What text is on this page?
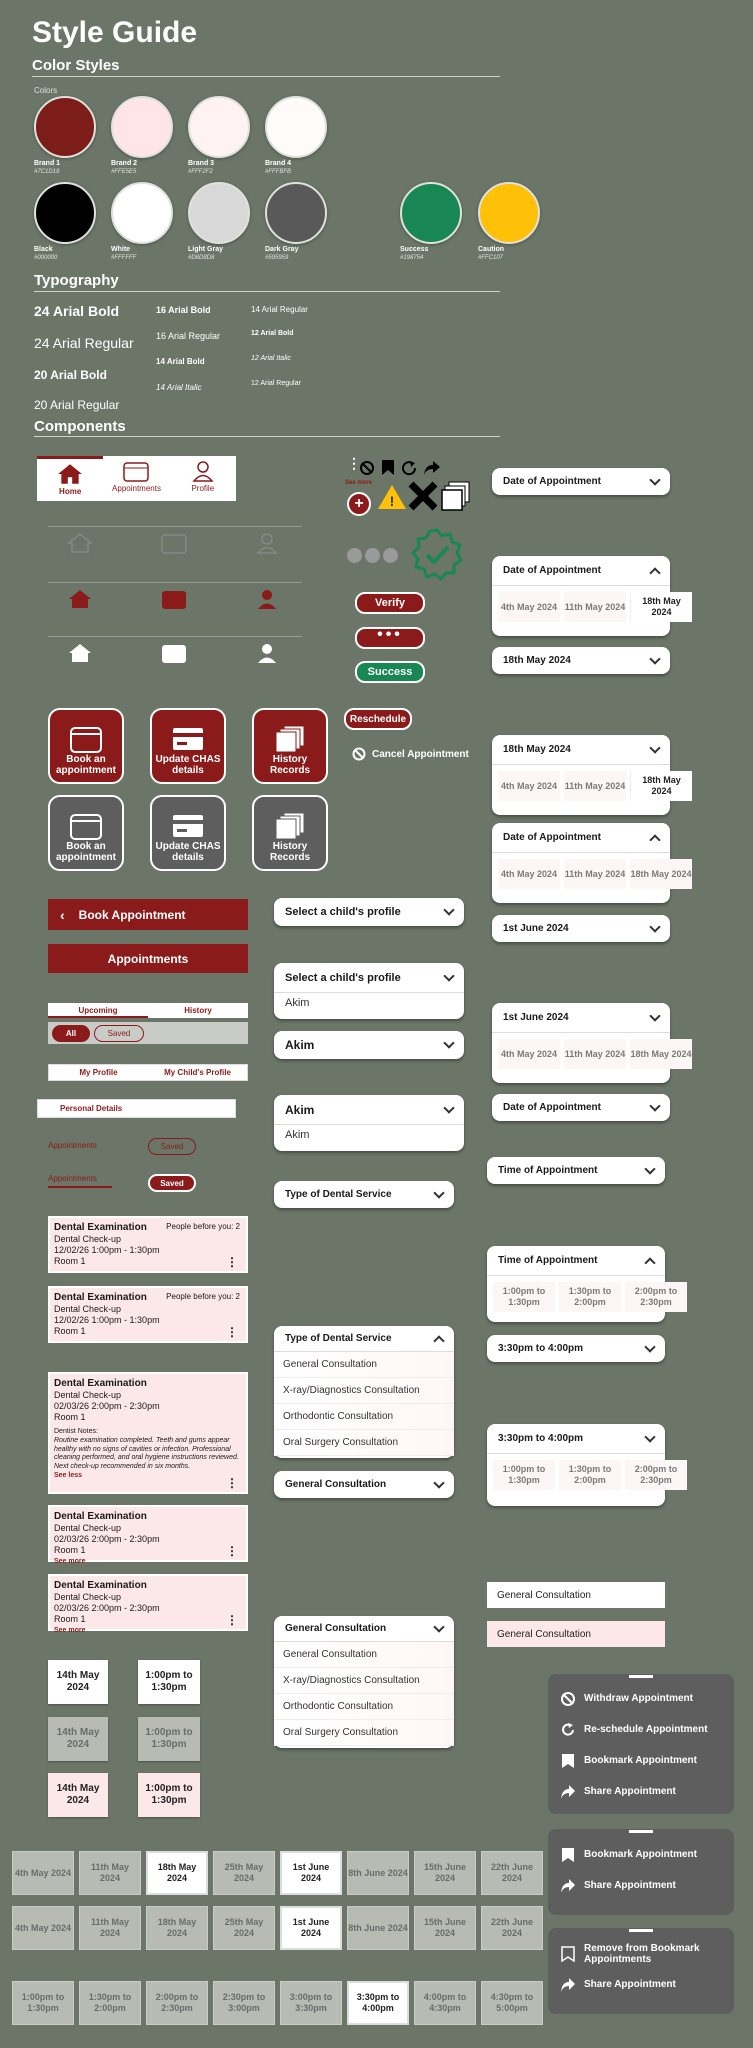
Style Guide
Color Styles
Colors
Brand 1
#7C1D19
Brand 2
#FFE5E5
Brand 3
#FFF2F2
Brand 4
#FFFBFB
Black
#000000
White
#FFFFFF
Light Gray
#D8D8D8
Dark Gray
#595959
Success
#198754
Caution
#FFC107
Typography
24 Arial Bold
24 Arial Regular
20 Arial Bold
20 Arial Regular
16 Arial Bold
16 Arial Regular
14 Arial Bold
14 Arial Italic
14 Arial Regular
12 Arial Bold
12 Arial Italic
12 Arial Regular
Components
Home	Appointments	Profile
⋮
See more
+	!
Verify
•••
Success
Reschedule
Cancel Appointment
Book an appointment
Update CHAS details
History Records
Book an appointment
Update CHAS details
History Records
‹ Book Appointment
Appointments
Upcoming	History
All	Saved
My Profile	My Child's Profile
Personal Details
Appointments	Saved
Appointments	Saved
People before you: 2
Dental Examination
Dental Check-up
12/02/26 1:00pm - 1:30pm
Room 1	⋮
People before you: 2
Dental Examination
Dental Check-up
12/02/26 1:00pm - 1:30pm
Room 1	⋮
Dental Examination
Dental Check-up
02/03/26 2:00pm - 2:30pm
Room 1
Dentist Notes:
Routine examination completed. Teeth and gums appear healthy with no signs of cavities or infection. Professional cleaning performed, and oral hygiene instructions reviewed. Next check-up recommended in six months.
See less
⋮
Dental Examination
Dental Check-up
02/03/26 2:00pm - 2:30pm
Room 1
See more
⋮
Dental Examination
Dental Check-up
02/03/26 2:00pm - 2:30pm
Room 1
See more
⋮
14th May 2024
1:00pm to 1:30pm
14th May 2024
1:00pm to 1:30pm
14th May 2024
1:00pm to 1:30pm
Select a child's profile
Select a child's profile
Akim
Akim
Akim
Akim
Type of Dental Service
Type of Dental Service
General Consultation
X-ray/Diagnostics Consultation
Orthodontic Consultation
Oral Surgery Consultation
General Consultation
General Consultation
General Consultation
X-ray/Diagnostics Consultation
Orthodontic Consultation
Oral Surgery Consultation
Date of Appointment
Date of Appointment
4th May 2024 11th May 2024
18th May 2024
18th May 2024
18th May 2024
4th May 2024 11th May 2024
18th May 2024
Date of Appointment
4th May 2024 11th May 2024 18th May 2024
1st June 2024
1st June 2024
4th May 2024 11th May 2024 18th May 2024
Date of Appointment
Time of Appointment
Time of Appointment
1:00pm to 1:30pm
1:30pm to 2:00pm
2:00pm to 2:30pm
3:30pm to 4:00pm
3:30pm to 4:00pm
1:00pm to 1:30pm
1:30pm to 2:00pm
2:00pm to 2:30pm
General Consultation
General Consultation
Withdraw Appointment
Re-schedule Appointment
Bookmark Appointment
Share Appointment
Bookmark Appointment
Share Appointment
Remove from Bookmark Appointments
Share Appointment
4th May 2024
11th May 2024
18th May 2024
25th May 2024
1st June 2024
8th June 2024
15th June 2024
22th June 2024
4th May 2024
11th May 2024
18th May 2024
25th May 2024
1st June 2024
8th June 2024
15th June 2024
22th June 2024
1:00pm to 1:30pm
1:30pm to 2:00pm
2:00pm to 2:30pm
2:30pm to 3:00pm
3:00pm to 3:30pm
3:30pm to 4:00pm
4:00pm to 4:30pm
4:30pm to 5:00pm
